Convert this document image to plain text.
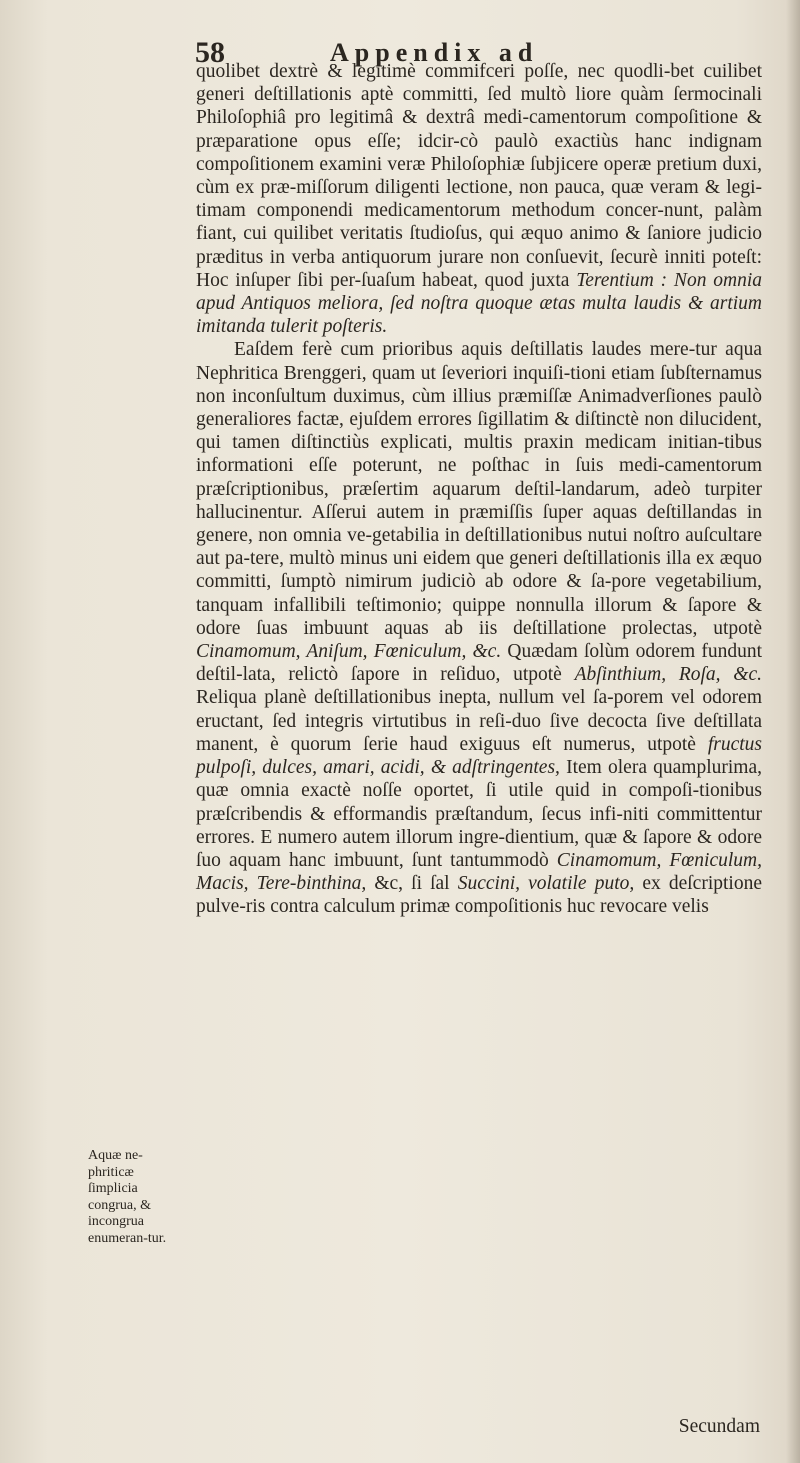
58	Appendix ad

quolibet dextrè & legitimè commifceri poſſe, nec quodli-bet cuilibet generi deſtillationis aptè committi, ſed multò liore quàm ſermocinali Philoſophiâ pro legitimâ & dextrâ medi-camentorum compoſitione & præparatione opus eſſe; idcir-cò paulò exactiùs hanc indignam compoſitionem examini veræ Philoſophiæ ſubjicere operæ pretium duxi, cùm ex præ-miſſorum diligenti lectione, non pauca, quæ veram & legi-timam componendi medicamentorum methodum concer-nunt, palàm fiant, cui quilibet veritatis ſtudioſus, qui æquo animo & ſaniore judicio præditus in verba antiquorum jurare non conſuevit, ſecurè inniti poteſt: Hoc inſuper ſibi per-ſuaſum habeat, quod juxta Terentium : Non omnia apud Antiquos meliora, ſed noſtra quoque ætas multa laudis & artium imitanda tulerit poſteris.

Eaſdem ferè cum prioribus aquis deſtillatis laudes mere-tur aqua Nephritica Brenggeri, quam ut ſeveriori inquiſi-tioni etiam ſubſternamus non inconſultum duximus, cùm illius præmiſſæ Animadverſiones paulò generaliores factæ, ejuſdem errores ſigillatim & diſtinctè non dilucident, qui tamen diſtinctiùs explicati, multis praxin medicam initian-tibus informationi eſſe poterunt, ne poſthac in ſuis medi-camentorum præſcriptionibus, præſertim aquarum deſtil-landarum, adeò turpiter hallucinentur. Aſſerui autem in præmiſſis ſuper aquas deſtillandas in genere, non omnia ve-getabilia in deſtillationibus nutui noſtro auſcultare aut pa-tere, multò minus uni eidem que generi deſtillationis illa ex æquo committi, ſumptò nimirum judiciò ab odore & ſa-pore vegetabilium, tanquam infallibili teſtimonio; quippe nonnulla illorum & ſapore & odore ſuas imbuunt aquas ab iis deſtillatione prolectas, utpotè Cinamomum, Aniſum, Fœniculum, &c. Quædam ſolùm odorem fundunt deſtil-lata, relictò ſapore in reſiduo, utpotè Abſinthium, Roſa, &c. Reliqua planè deſtillationibus inepta, nullum vel ſa-porem vel odorem eructant, ſed integris virtutibus in reſi-duo ſive decocta ſive deſtillata manent, è quorum ſerie haud exiguus eſt numerus, utpotè fructus pulpoſi, dulces, amari, acidi, & adſtringentes, Item olera quamplurima, quæ omnia exactè noſſe oportet, ſi utile quid in compoſi-tionibus præſcribendis & efformandis præſtandum, ſecus infi-niti committentur errores. E numero autem illorum ingre-dientium, quæ & ſapore & odore ſuo aquam hanc imbuunt, ſunt tantummodò Cinamomum, Fœniculum, Macis, Tere-binthina, &c, ſi ſal Succini, volatile puto, ex deſcriptione pulve-ris contra calculum primæ compoſitionis huc revocare velis

Aquæ ne-phriticæ ſimplicia congrua, & incongrua enumeran-tur.
Secundam
